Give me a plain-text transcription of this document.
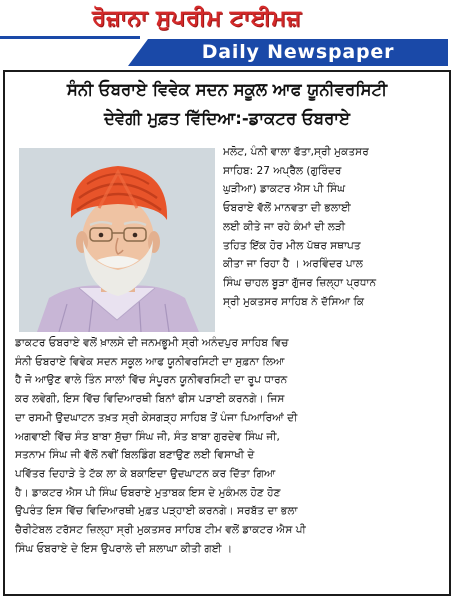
ਰੋਜ਼ਾਨਾ ਸੁਪਰੀਮ ਟਾਈਮਜ਼
Daily Newspaper
ਸੰਨੀ ਓਬਰਾਏ ਵਿਵੇਕ ਸਦਨ ਸਕੂਲ ਆਫ ਯੂਨੀਵਰਸਿਟੀ
ਦੇਵੇਗੀ ਮੁਫ਼ਤ ਵਿੱਦਿਆ:-ਡਾਕਟਰ ਓਬਰਾਏ
ਮਲੋਟ, ਪੰਨੀ ਵਾਲਾ ਫੱਤਾ,ਸ੍ਰੀ ਮੁਕਤਸਰ
ਸਾਹਿਬ: 27 ਅਪ੍ਰੈਲ (ਗੁਰਿੰਦਰ
ਘੁੜੀਆ) ਡਾਕਟਰ ਐਸ ਪੀ ਸਿੰਘ
ਓਬਰਾਏ ਵੱਲੋਂ ਮਾਨਵਤਾ ਦੀ ਭਲਾਈ
ਲਈ ਕੀਤੇ ਜਾ ਰਹੇ ਕੰਮਾਂ ਦੀ ਲੜੀ
ਤਹਿਤ ਇੱਕ ਹੋਰ ਮੀਲ ਪੱਥਰ ਸਥਾਪਤ
ਕੀਤਾ ਜਾ ਰਿਹਾ ਹੈ । ਅਰਵਿੰਦਰ ਪਾਲ
ਸਿੰਘ ਚਾਹਲ ਬੂੜਾ ਗੁੱਜਰ ਜ਼ਿਲ੍ਹਾ ਪ੍ਰਧਾਨ
ਸ੍ਰੀ ਮੁਕਤਸਰ ਸਾਹਿਬ ਨੇ ਦੱਸਿਆ ਕਿ
ਡਾਕਟਰ ਓਬਰਾਏ ਵਲੋਂ ਖ਼ਾਲਸੇ ਦੀ ਜਨਮਭੂਮੀ ਸ੍ਰੀ ਅਨੰਦਪੁਰ ਸਾਹਿਬ ਵਿਚ
ਸੰਨੀ ਓਬਰਾਏ ਵਿਵੇਕ ਸਦਨ ਸਕੂਲ ਆਫ ਯੂਨੀਵਰਸਿਟੀ ਦਾ ਸੁਫ਼ਨਾ ਲਿਆ
ਹੈ ਜੋ ਆਉਣ ਵਾਲੇ ਤਿੰਨ ਸਾਲਾਂ ਵਿੱਚ ਸੰਪੂਰਨ ਯੂਨੀਵਰਸਿਟੀ ਦਾ ਰੂਪ ਧਾਰਨ
ਕਰ ਲਵੇਗੀ, ਇਸ ਵਿੱਚ ਵਿਦਿਆਰਥੀ ਬਿਨਾਂ ਫੀਸ ਪੜਾਈ ਕਰਨਗੇ। ਜਿਸ
ਦਾ ਰਸਮੀ ਉਦਘਾਟਨ ਤਖ਼ਤ ਸ੍ਰੀ ਕੇਸਗੜ੍ਹ ਸਾਹਿਬ ਤੋਂ ਪੰਜਾ ਪਿਆਰਿਆਂ ਦੀ
ਅਗਵਾਈ ਵਿੱਚ ਸੰਤ ਬਾਬਾ ਸੁੱਚਾ ਸਿੰਘ ਜੀ, ਸੰਤ ਬਾਬਾ ਗੁਰਦੇਵ ਸਿੰਘ ਜੀ,
ਸਤਨਾਮ ਸਿੰਘ ਜੀ ਵੱਲੋਂ ਨਵੀਂ ਬਿਲਡਿੰਗ ਬਣਾਉਣ ਲਈ ਵਿਸਾਖੀ ਦੇ
ਪਵਿੱਤਰ ਦਿਹਾੜੇ ਤੇ ਟੱਕ ਲਾ ਕੇ ਬਕਾਇਦਾ ਉਦਘਾਟਨ ਕਰ ਦਿੱਤਾ ਗਿਆ
ਹੈ। ਡਾਕਟਰ ਐਸ ਪੀ ਸਿੰਘ ਓਬਰਾਏ ਮੁਤਾਬਕ ਇਸ ਦੇ ਮੁਕੰਮਲ ਹੋਣ ਹੋਣ
ਉਪਰੰਤ ਇਸ ਵਿੱਚ ਵਿਦਿਆਰਥੀ ਮੁਫ਼ਤ ਪੜ੍ਹਾਈ ਕਰਨਗੇ। ਸਰਬੱਤ ਦਾ ਭਲਾ
ਚੈਰੀਟੇਬਲ ਟਰੱਸਟ ਜ਼ਿਲ੍ਹਾ ਸ੍ਰੀ ਮੁਕਤਸਰ ਸਾਹਿਬ ਟੀਮ ਵਲੋਂ ਡਾਕਟਰ ਐਸ ਪੀ
ਸਿੰਘ ਓਬਰਾਏ ਦੇ ਇਸ ਉਪਰਾਲੇ ਦੀ ਸ਼ਲਾਘਾ ਕੀਤੀ ਗਈ ।
